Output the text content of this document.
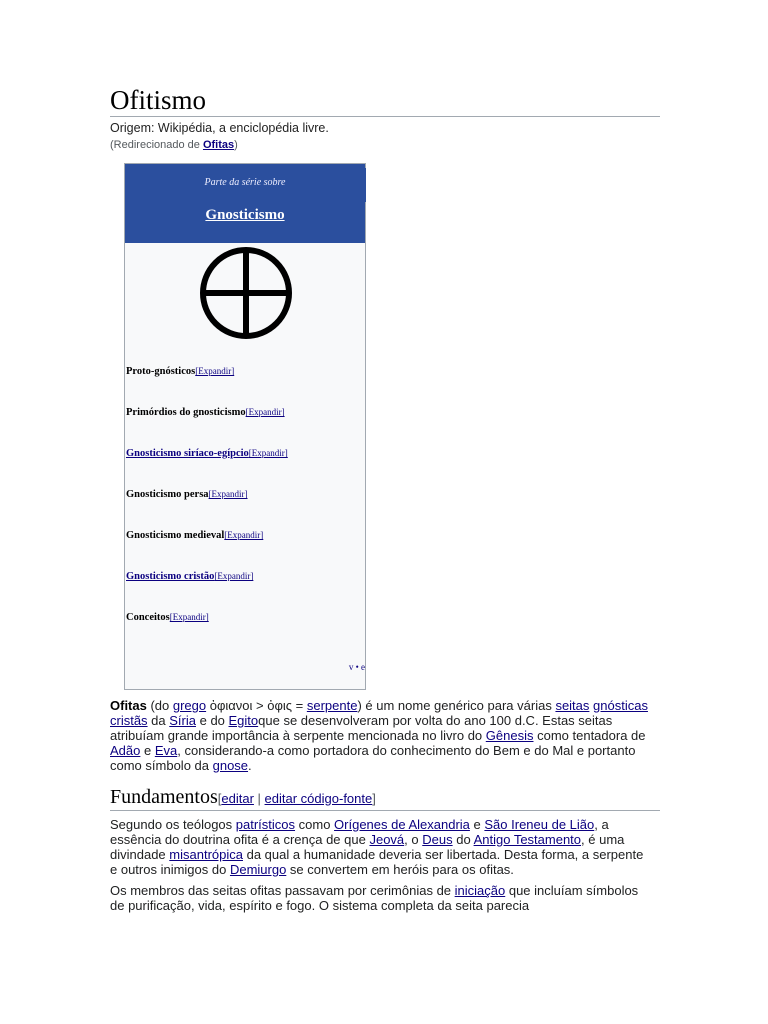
Ofitismo
Origem: Wikipédia, a enciclopédia livre.
(Redirecionado de Ofitas)
Parte da série sobre
Gnosticismo
Proto-gnósticos[Expandir]
Primórdios do gnosticismo[Expandir]
Gnosticismo siríaco-egípcio[Expandir]
Gnosticismo persa[Expandir]
Gnosticismo medieval[Expandir]
Gnosticismo cristão[Expandir]
Conceitos[Expandir]
v • e
Ofitas (do grego ὀφιανοι > ὀφις = serpente) é um nome genérico para várias seitas gnósticas cristãs da Síria e do Egitoque se desenvolveram por volta do ano 100 d.C. Estas seitas atribuíam grande importância à serpente mencionada no livro do Gênesis como tentadora de Adão e Eva, considerando-a como portadora do conhecimento do Bem e do Mal e portanto como símbolo da gnose.
Fundamentos[editar | editar código-fonte]
Segundo os teólogos patrísticos como Orígenes de Alexandria e São Ireneu de Lião, a essência do doutrina ofita é a crença de que Jeová, o Deus do Antigo Testamento, é uma divindade misantrópica da qual a humanidade deveria ser libertada. Desta forma, a serpente e outros inimigos do Demiurgo se convertem em heróis para os ofitas.
Os membros das seitas ofitas passavam por cerimônias de iniciação que incluíam símbolos de purificação, vida, espírito e fogo. O sistema completa da seita parecia
